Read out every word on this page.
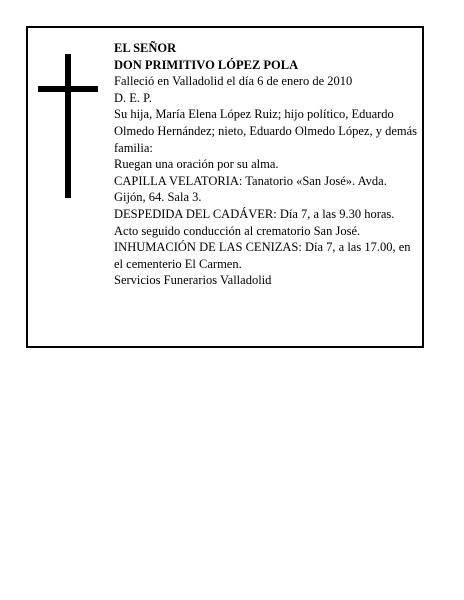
EL SEÑOR

DON PRIMITIVO LÓPEZ POLA

Falleció en Valladolid el día 6 de enero de 2010

D. E. P.

Su hija, María Elena López Ruiz; hijo político, Eduardo Olmedo Hernández; nieto, Eduardo Olmedo López, y demás familia:

Ruegan una oración por su alma.

CAPILLA VELATORIA: Tanatorio «San José». Avda. Gijón, 64. Sala 3.

DESPEDIDA DEL CADÁVER: Día 7, a las 9.30 horas. Acto seguido conducción al crematorio San José.

INHUMACIÓN DE LAS CENIZAS: Día 7, a las 17.00, en el cementerio El Carmen.

Servicios Funerarios Valladolid
